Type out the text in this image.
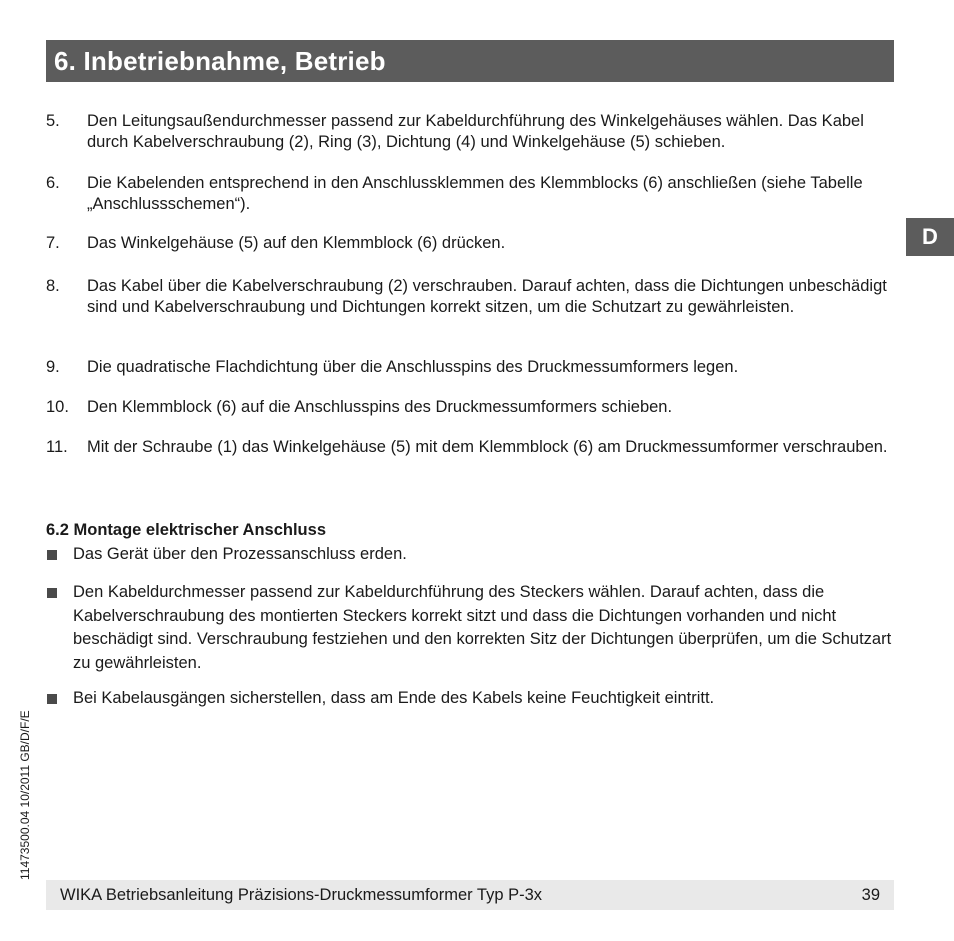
6. Inbetriebnahme, Betrieb
D
5. Den Leitungsaußendurchmesser passend zur Kabeldurchführung des Winkelgehäuses wählen. Das Kabel durch Kabelverschraubung (2), Ring (3), Dichtung (4) und Winkelgehäuse (5) schieben.
6. Die Kabelenden entsprechend in den Anschlussklemmen des Klemmblocks (6) anschließen (siehe Tabelle „Anschlussschemen“).
7. Das Winkelgehäuse (5) auf den Klemmblock (6) drücken.
8. Das Kabel über die Kabelverschraubung (2) verschrauben. Darauf achten, dass die Dichtungen unbeschädigt sind und Kabelverschraubung und Dichtungen korrekt sitzen, um die Schutzart zu gewährleisten.
9. Die quadratische Flachdichtung über die Anschlusspins des Druckmessumformers legen.
10. Den Klemmblock (6) auf die Anschlusspins des Druckmessumformers schieben.
11. Mit der Schraube (1) das Winkelgehäuse (5) mit dem Klemmblock (6) am Druckmessumformer verschrauben.
6.2 Montage elektrischer Anschluss
Das Gerät über den Prozessanschluss erden.
Den Kabeldurchmesser passend zur Kabeldurchführung des Steckers wählen. Darauf achten, dass die Kabelverschraubung des montierten Steckers korrekt sitzt und dass die Dichtungen vorhanden und nicht beschädigt sind. Verschraubung festziehen und den korrekten Sitz der Dichtungen überprüfen, um die Schutzart zu gewährleisten.
Bei Kabelausgängen sicherstellen, dass am Ende des Kabels keine Feuchtigkeit eintritt.
11473500.04 10/2011 GB/D/F/E
WIKA Betriebsanleitung Präzisions-Druckmessumformer Typ P-3x	39
